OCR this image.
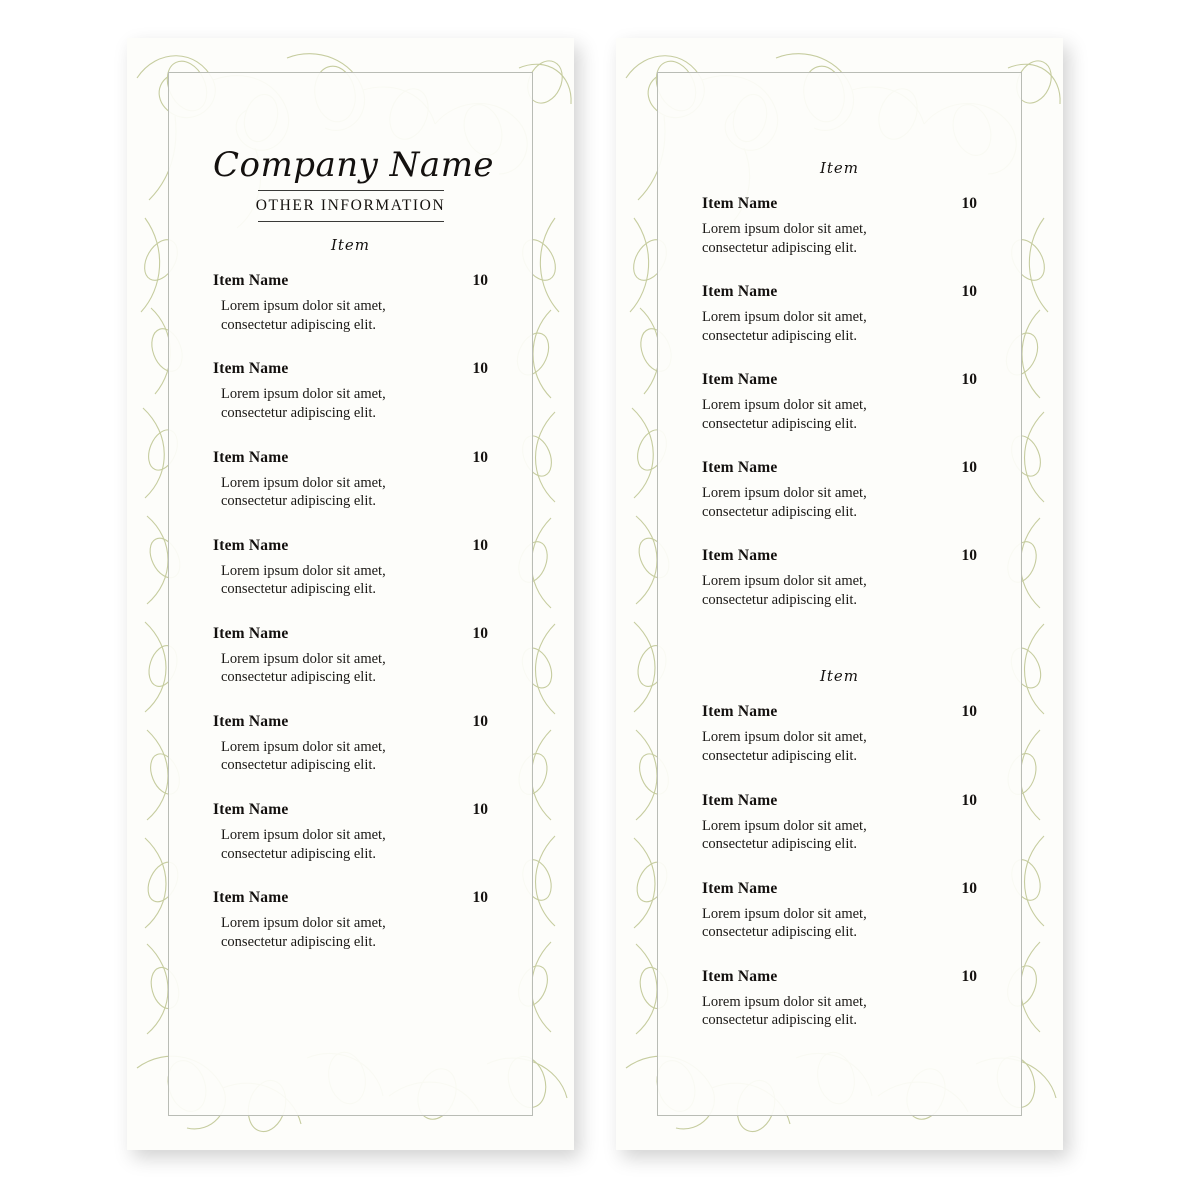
Company Name
OTHER INFORMATION
Item
Item Name	10
Lorem ipsum dolor sit amet,
consectetur adipiscing elit.
Item Name	10
Lorem ipsum dolor sit amet,
consectetur adipiscing elit.
Item Name	10
Lorem ipsum dolor sit amet,
consectetur adipiscing elit.
Item Name	10
Lorem ipsum dolor sit amet,
consectetur adipiscing elit.
Item Name	10
Lorem ipsum dolor sit amet,
consectetur adipiscing elit.
Item Name	10
Lorem ipsum dolor sit amet,
consectetur adipiscing elit.
Item Name	10
Lorem ipsum dolor sit amet,
consectetur adipiscing elit.
Item Name	10
Lorem ipsum dolor sit amet,
consectetur adipiscing elit.
Item
Item Name	10
Lorem ipsum dolor sit amet,
consectetur adipiscing elit.
Item Name	10
Lorem ipsum dolor sit amet,
consectetur adipiscing elit.
Item Name	10
Lorem ipsum dolor sit amet,
consectetur adipiscing elit.
Item Name	10
Lorem ipsum dolor sit amet,
consectetur adipiscing elit.
Item Name	10
Lorem ipsum dolor sit amet,
consectetur adipiscing elit.
Item
Item Name	10
Lorem ipsum dolor sit amet,
consectetur adipiscing elit.
Item Name	10
Lorem ipsum dolor sit amet,
consectetur adipiscing elit.
Item Name	10
Lorem ipsum dolor sit amet,
consectetur adipiscing elit.
Item Name	10
Lorem ipsum dolor sit amet,
consectetur adipiscing elit.
